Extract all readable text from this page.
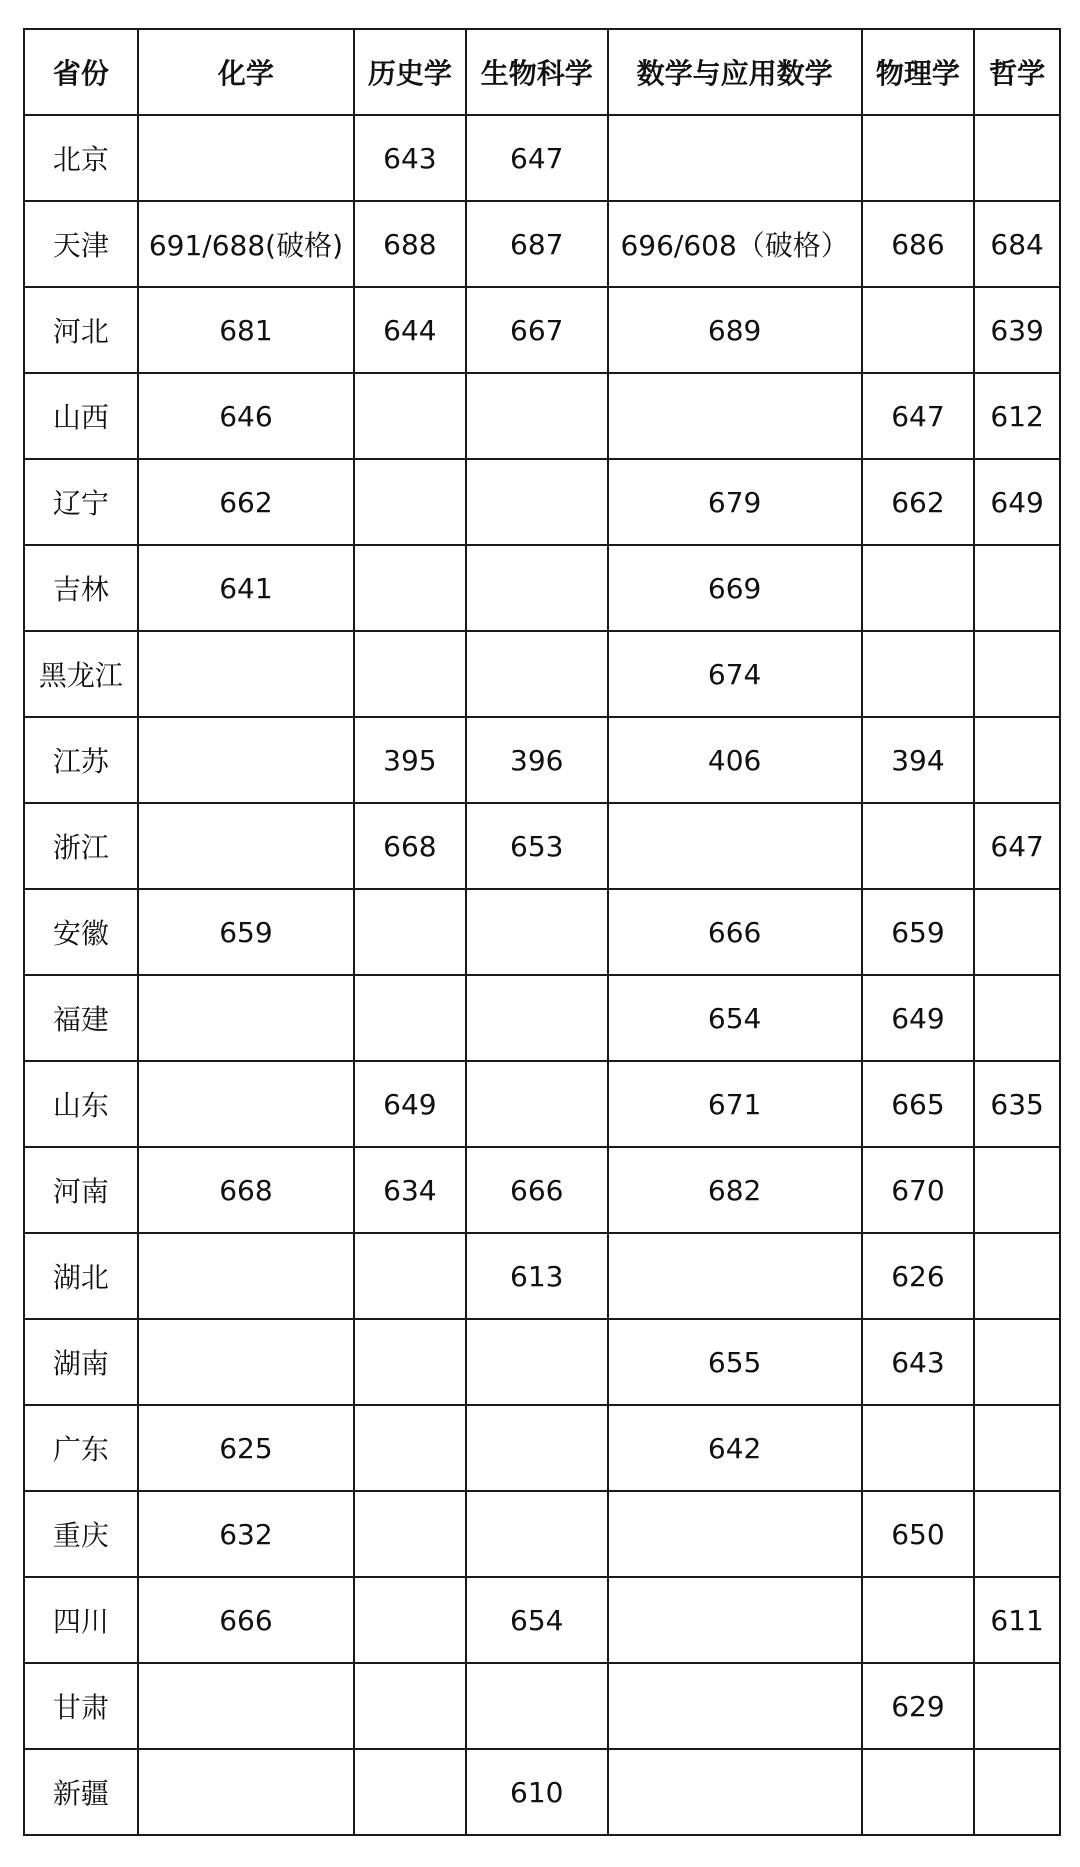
省份	化学	历史学	生物科学	数学与应用数学	物理学	哲学
北京		643	647			
天津	691/688(破格)	688	687	696/608（破格）	686	684
河北	681	644	667	689		639
山西	646				647	612
辽宁	662			679	662	649
吉林	641			669		
黑龙江				674		
江苏		395	396	406	394	
浙江		668	653			647
安徽	659			666	659	
福建				654	649	
山东		649		671	665	635
河南	668	634	666	682	670	
湖北			613		626	
湖南				655	643	
广东	625			642		
重庆	632				650	
四川	666		654			611
甘肃					629	
新疆			610			
